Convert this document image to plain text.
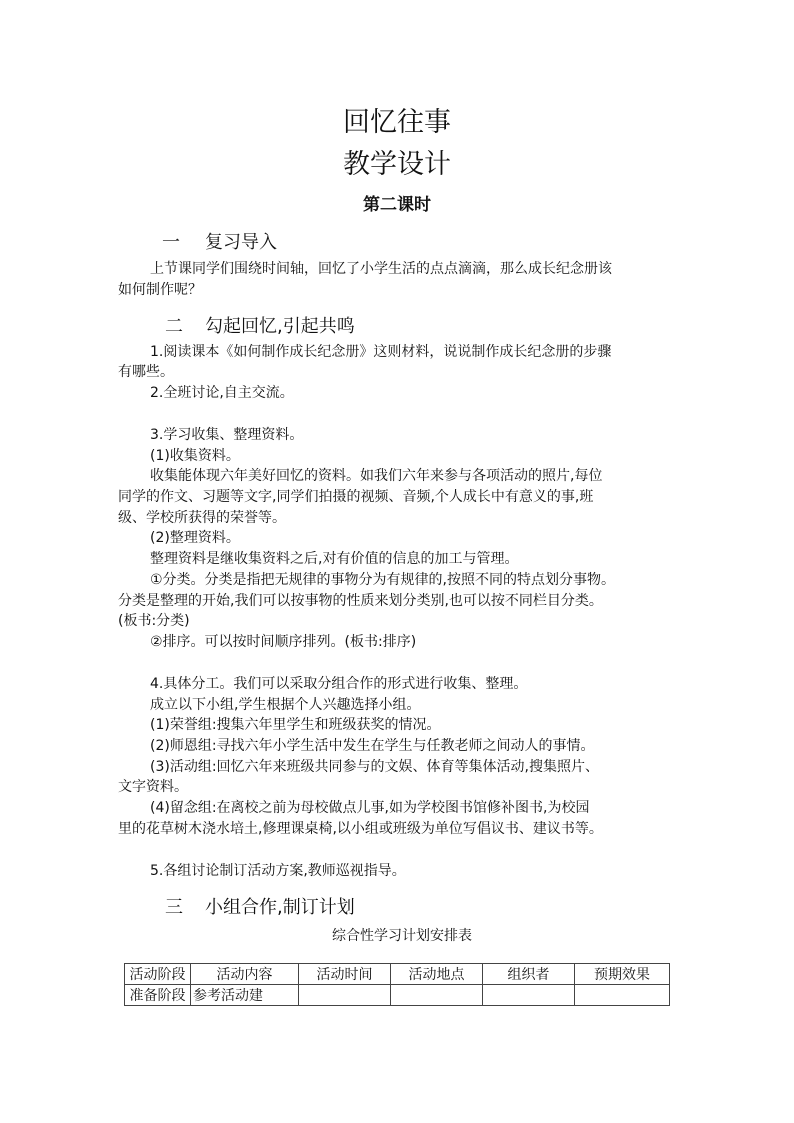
回忆往事
教学设计
第二课时
一 复习导入
上节课同学们围绕时间轴，回忆了小学生活的点点滴滴，那么成长纪念册该
如何制作呢？
二 勾起回忆,引起共鸣
1.阅读课本《如何制作成长纪念册》这则材料，说说制作成长纪念册的步骤
有哪些。
2.全班讨论,自主交流。
3.学习收集、整理资料。
(1)收集资料。
收集能体现六年美好回忆的资料。如我们六年来参与各项活动的照片,每位
同学的作文、习题等文字,同学们拍摄的视频、音频,个人成长中有意义的事,班
级、学校所获得的荣誉等。
(2)整理资料。
整理资料是继收集资料之后,对有价值的信息的加工与管理。
①分类。分类是指把无规律的事物分为有规律的,按照不同的特点划分事物。
分类是整理的开始,我们可以按事物的性质来划分类别,也可以按不同栏目分类。
(板书:分类)
②排序。可以按时间顺序排列。(板书:排序)
4.具体分工。我们可以采取分组合作的形式进行收集、整理。
成立以下小组,学生根据个人兴趣选择小组。
(1)荣誉组:搜集六年里学生和班级获奖的情况。
(2)师恩组:寻找六年小学生活中发生在学生与任教老师之间动人的事情。
(3)活动组:回忆六年来班级共同参与的文娱、体育等集体活动,搜集照片、
文字资料。
(4)留念组:在离校之前为母校做点儿事,如为学校图书馆修补图书,为校园
里的花草树木浇水培土,修理课桌椅,以小组或班级为单位写倡议书、建议书等。
5.各组讨论制订活动方案,教师巡视指导。
三 小组合作,制订计划
综合性学习计划安排表
活动阶段	活动内容	活动时间	活动地点	组织者	预期效果
准备阶段	参考活动建				
